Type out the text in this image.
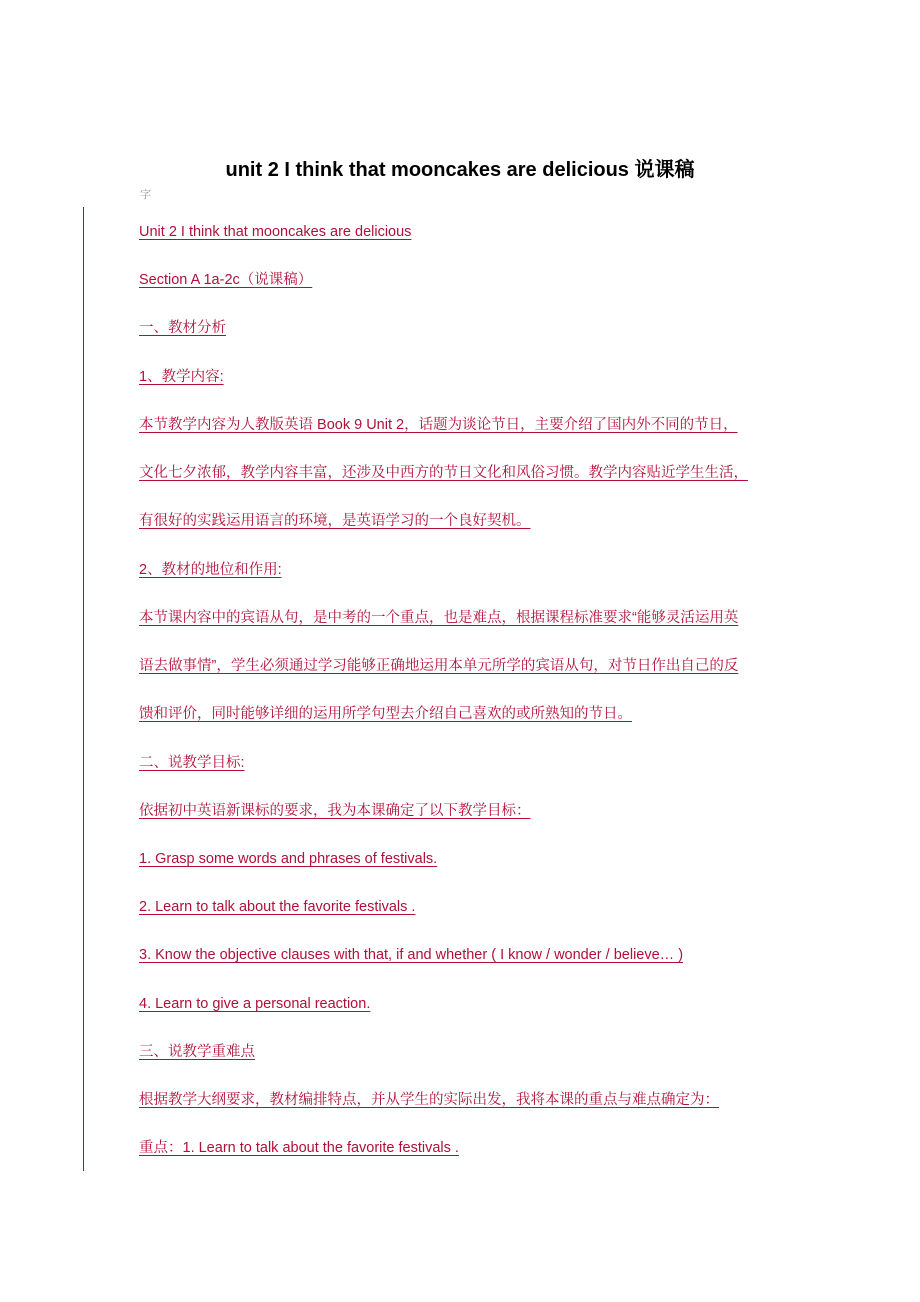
unit 2 I think that mooncakes are delicious 说课稿
字
Unit 2 I think that mooncakes are delicious
Section A 1a-2c（说课稿）
一、教材分析
1、教学内容:
本节教学内容为人教版英语 Book 9 Unit 2，话题为谈论节日，主要介绍了国内外不同的节日，
文化七夕浓郁，教学内容丰富，还涉及中西方的节日文化和风俗习惯。教学内容贴近学生生活，
有很好的实践运用语言的环境，是英语学习的一个良好契机。
2、教材的地位和作用:
本节课内容中的宾语从句，是中考的一个重点，也是难点，根据课程标准要求“能够灵活运用英
语去做事情”，学生必须通过学习能够正确地运用本单元所学的宾语从句，对节日作出自己的反
馈和评价，同时能够详细的运用所学句型去介绍自己喜欢的或所熟知的节日。
二、说教学目标:
依据初中英语新课标的要求，我为本课确定了以下教学目标：
1. Grasp some words and phrases of festivals.
2. Learn to talk about the favorite festivals .
3. Know the objective clauses with that, if and whether ( I know / wonder / believe… )
4. Learn to give a personal reaction.
三、说教学重难点
根据教学大纲要求，教材编排特点，并从学生的实际出发，我将本课的重点与难点确定为：
重点：1. Learn to talk about the favorite festivals .
